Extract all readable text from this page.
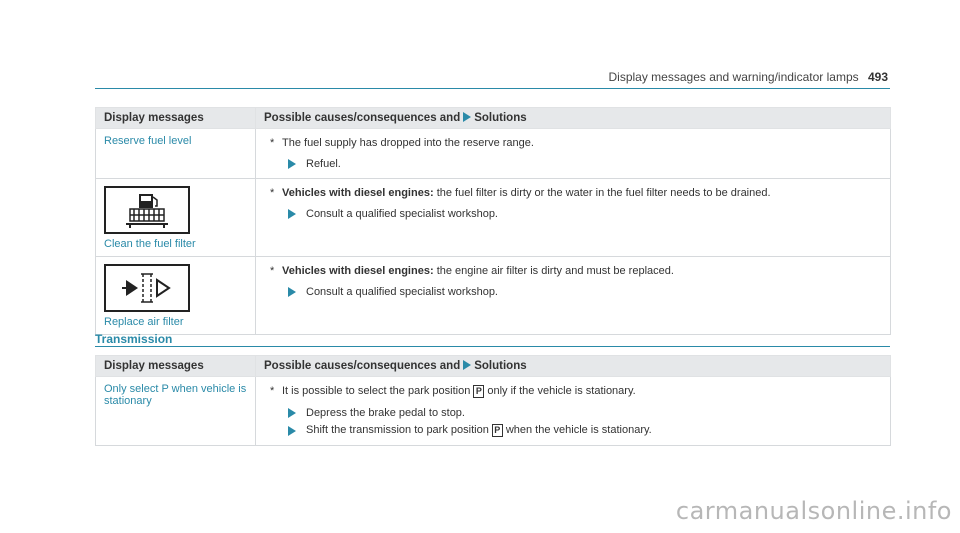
Display messages and warning/indicator lamps 493
Display messages	Possible causes/consequences and Solutions
Reserve fuel level	* The fuel supply has dropped into the reserve range.
Refuel.

Clean the fuel filter	* Vehicles with diesel engines: the fuel filter is dirty or the water in the fuel filter needs to be drained.
Consult a qualified specialist workshop.

Replace air filter	* Vehicles with diesel engines: the engine air filter is dirty and must be replaced.
Consult a qualified specialist workshop.
Transmission
Display messages	Possible causes/consequences and Solutions

Only select P when vehicle is stationary	* It is possible to select the park position P only if the vehicle is stationary.
Depress the brake pedal to stop.
Shift the transmission to park position P when the vehicle is stationary.
carmanualsonline.info
